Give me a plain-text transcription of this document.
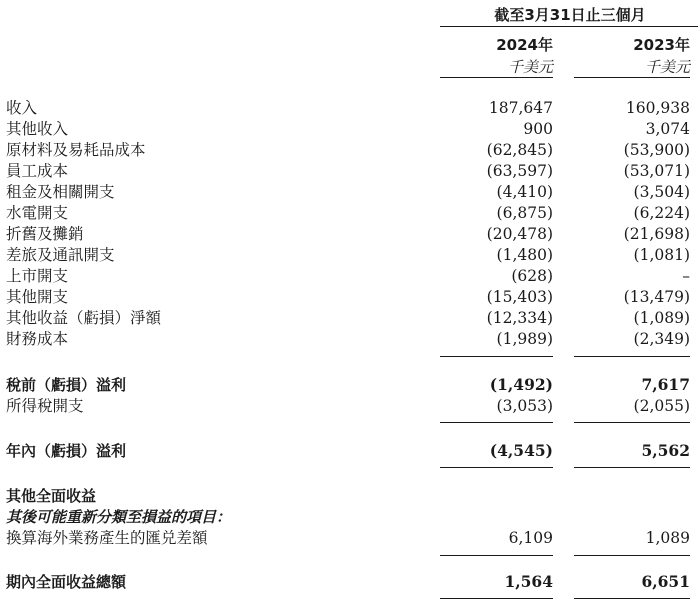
截至3月31日止三個月
2024年	2023年
千美元	千美元
收入	187,647	160,938
其他收入	900	3,074
原材料及易耗品成本	(62,845)	(53,900)
員工成本	(63,597)	(53,071)
租金及相關開支	(4,410)	(3,504)
水電開支	(6,875)	(6,224)
折舊及攤銷	(20,478)	(21,698)
差旅及通訊開支	(1,480)	(1,081)
上市開支	(628)	–
其他開支	(15,403)	(13,479)
其他收益（虧損）淨額	(12,334)	(1,089)
財務成本	(1,989)	(2,349)
稅前（虧損）溢利	(1,492)	7,617
所得稅開支	(3,053)	(2,055)
年內（虧損）溢利	(4,545)	5,562
其他全面收益
其後可能重新分類至損益的項目：
換算海外業務產生的匯兑差額	6,109	1,089
期內全面收益總額	1,564	6,651
